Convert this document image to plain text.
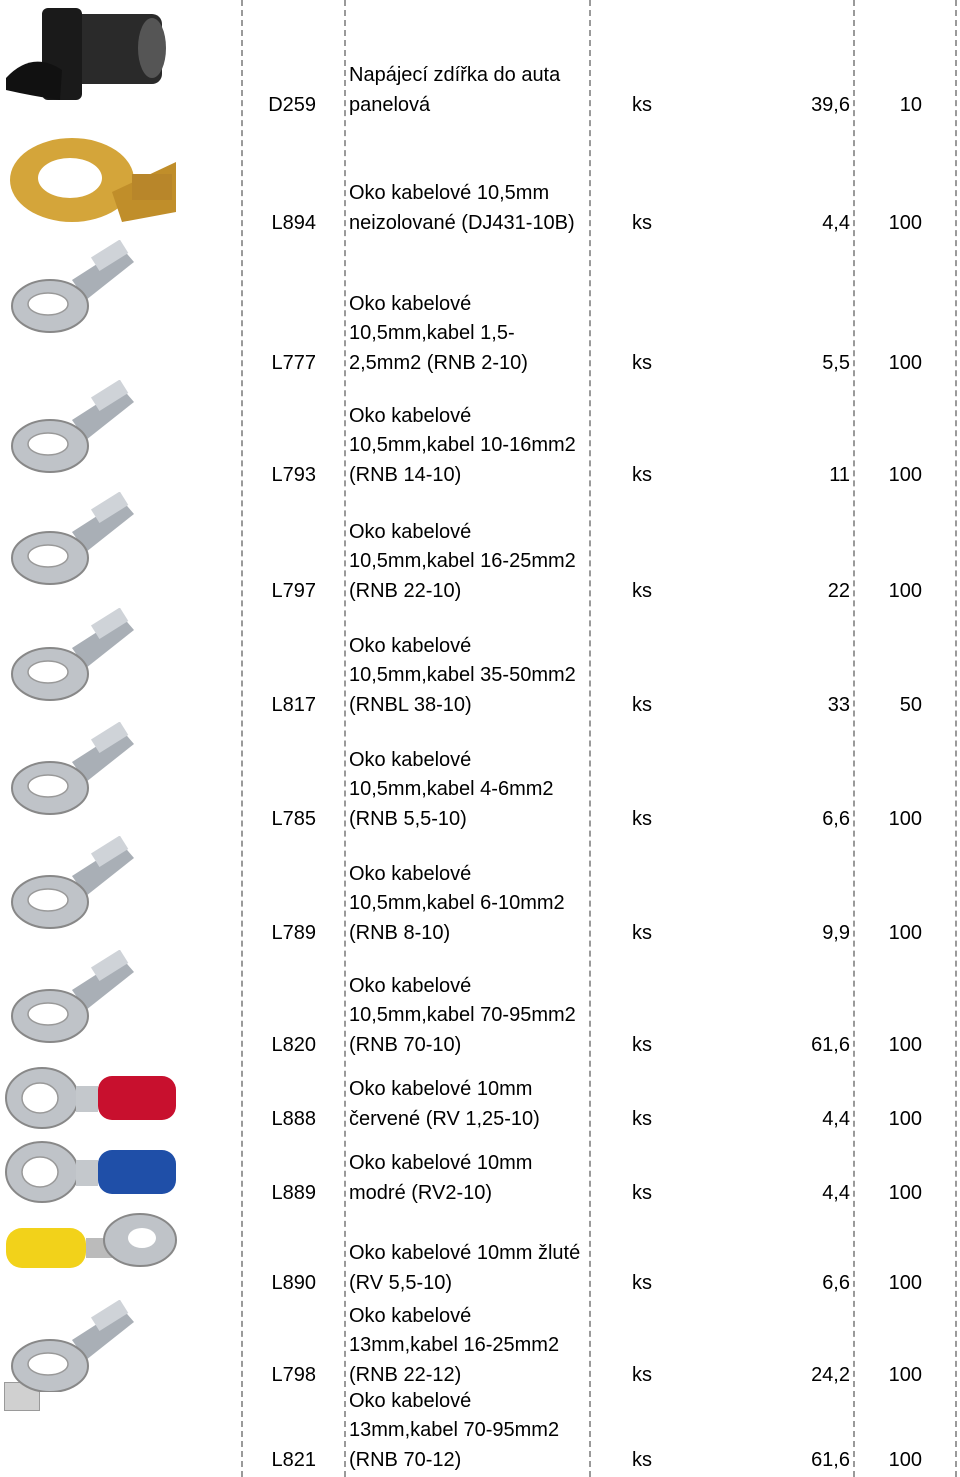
D259
Napájecí zdířka do auta
panelová	ks	39,6	10
L894
Oko kabelové 10,5mm
neizolované (DJ431-10B)	ks	4,4	100
L777
Oko kabelové
10,5mm,kabel 1,5-
2,5mm2 (RNB 2-10)	ks	5,5	100
L793
Oko kabelové
10,5mm,kabel 10-16mm2
(RNB 14-10)	ks	11	100
L797
Oko kabelové
10,5mm,kabel 16-25mm2
(RNB 22-10)	ks	22	100
L817
Oko kabelové
10,5mm,kabel 35-50mm2
(RNBL 38-10)	ks	33	50
L785
Oko kabelové
10,5mm,kabel 4-6mm2
(RNB 5,5-10)	ks	6,6	100
L789
Oko kabelové
10,5mm,kabel 6-10mm2
(RNB 8-10)	ks	9,9	100
L820
Oko kabelové
10,5mm,kabel 70-95mm2
(RNB 70-10)	ks	61,6	100
L888
Oko kabelové 10mm
červené (RV 1,25-10)	ks	4,4	100
L889
Oko kabelové 10mm
modré (RV2-10)	ks	4,4	100
L890
Oko kabelové 10mm žluté
(RV 5,5-10)	ks	6,6	100
L798
Oko kabelové
13mm,kabel 16-25mm2
(RNB 22-12)	ks	24,2	100
L821
Oko kabelové
13mm,kabel 70-95mm2
(RNB 70-12)	ks	61,6	100
